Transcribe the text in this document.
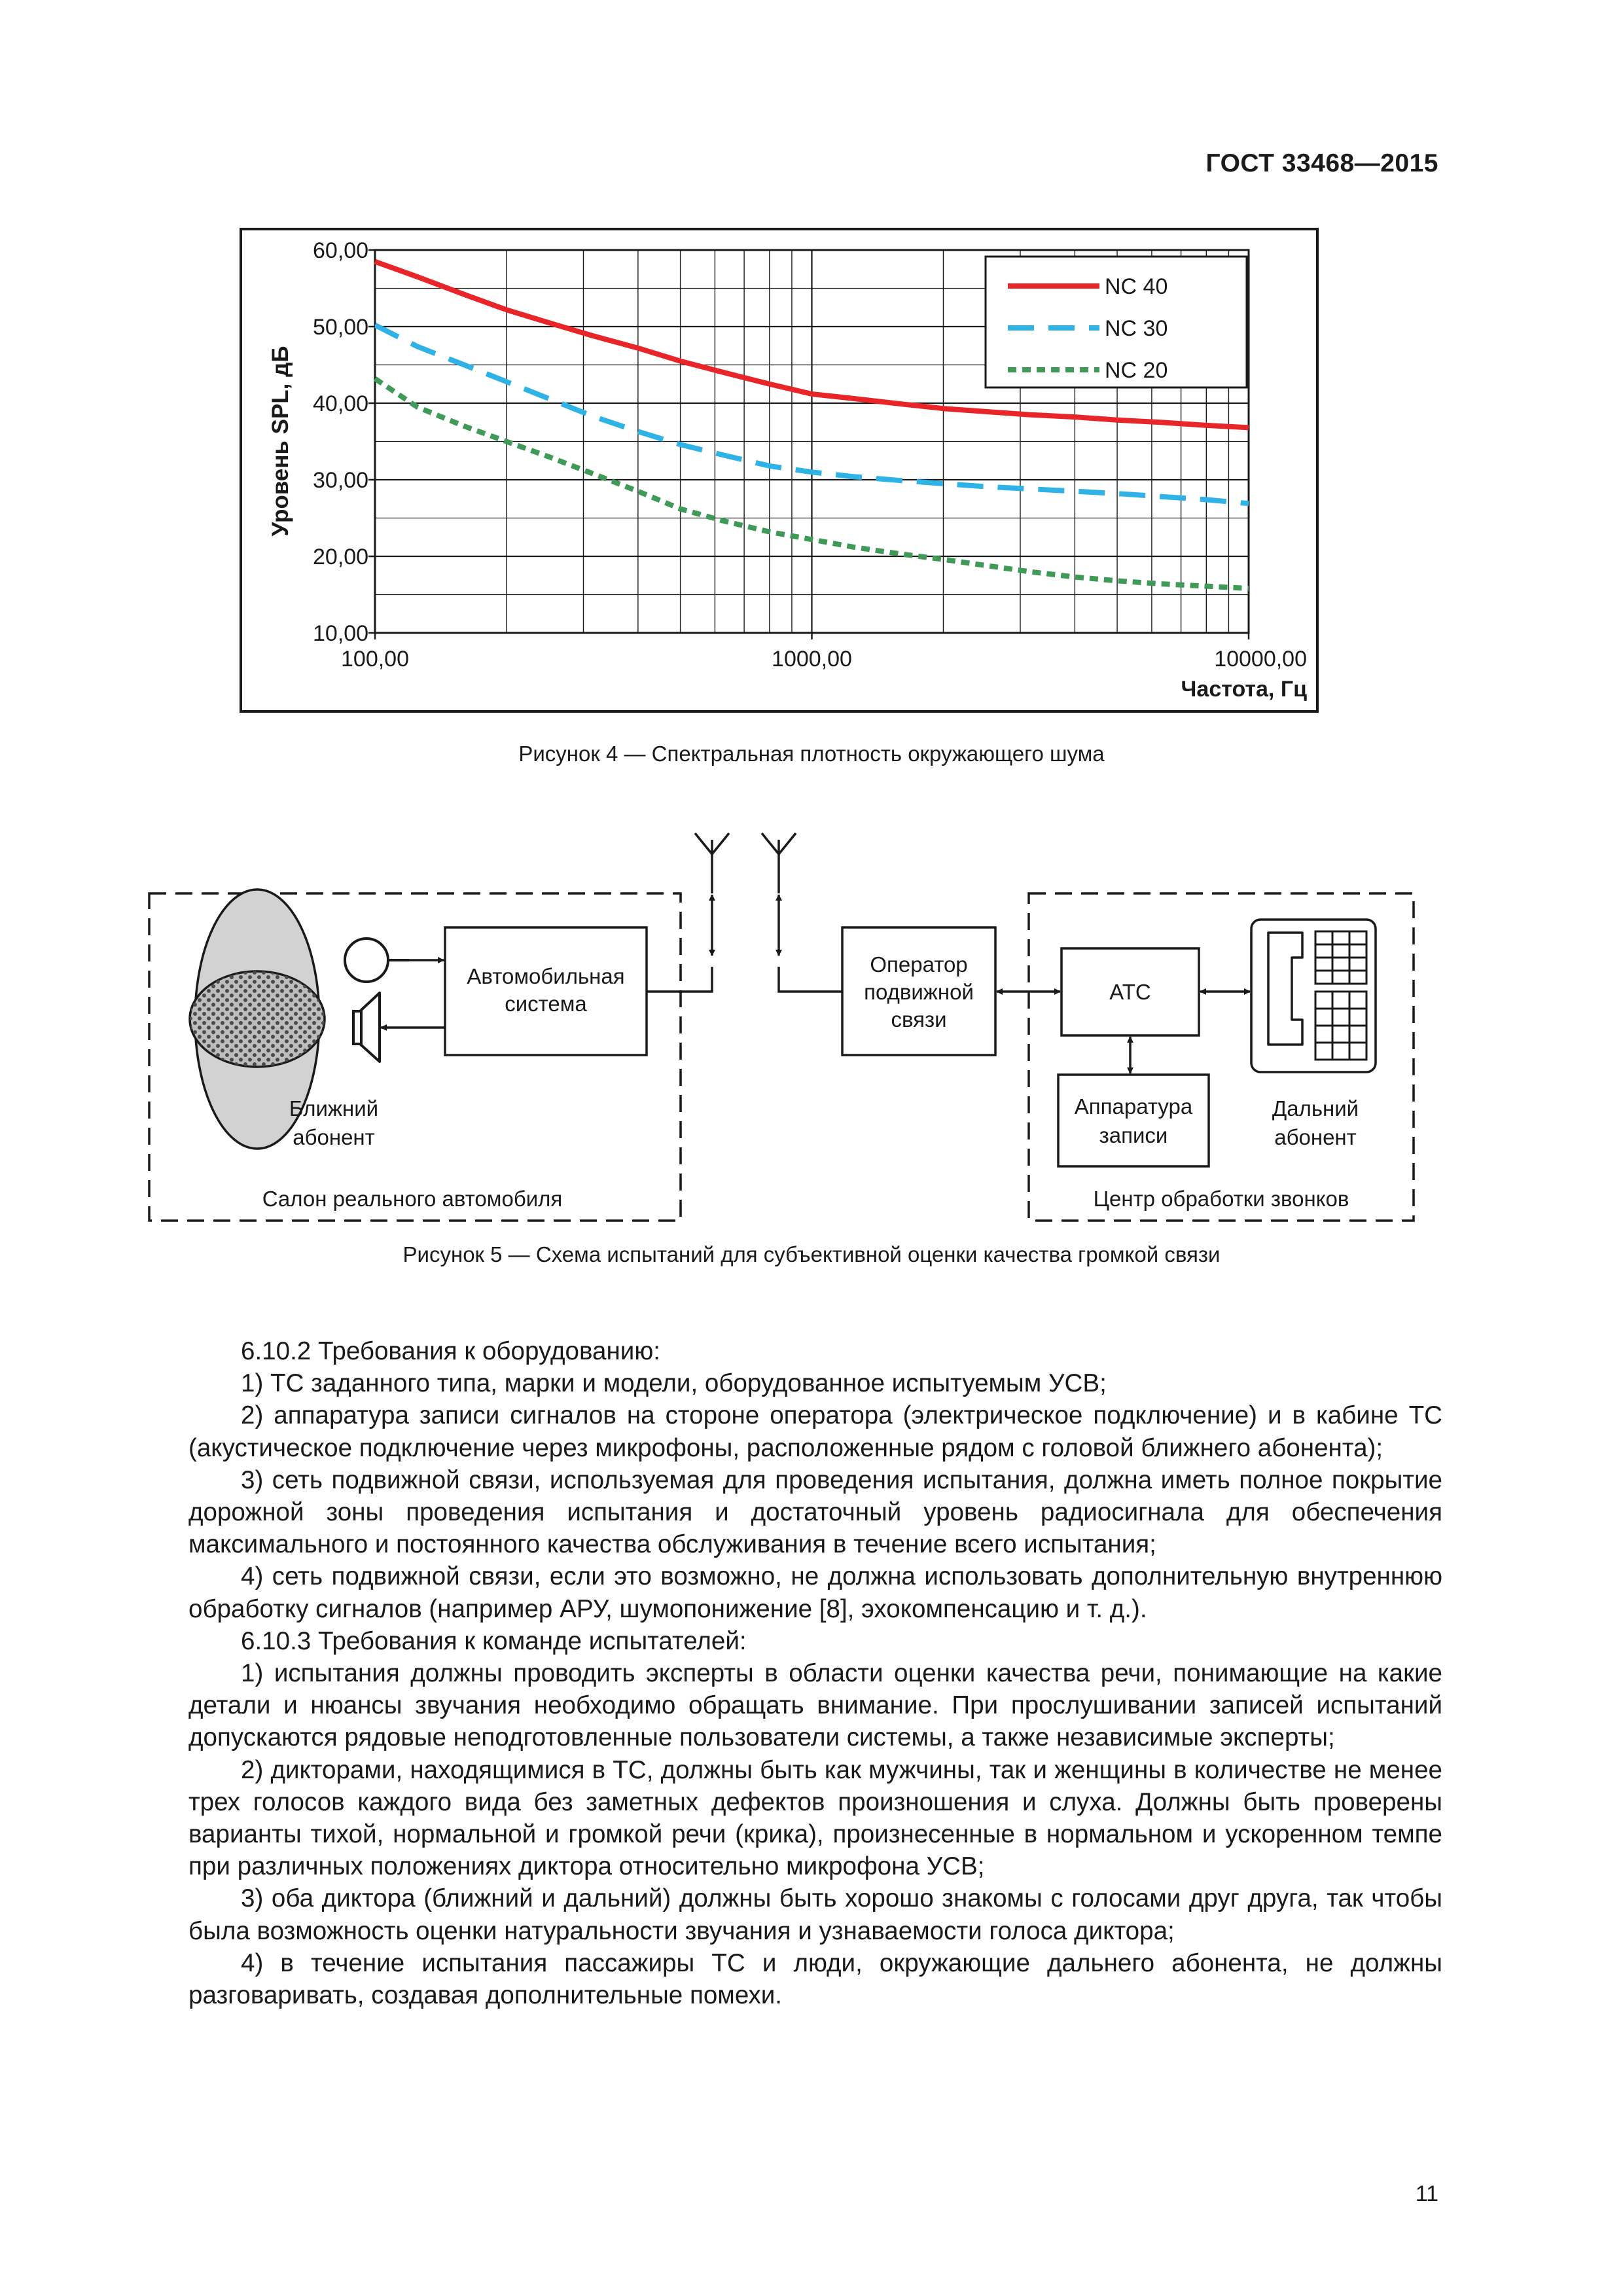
ГОСТ 33468—2015
10,00
20,00
30,00
40,00
50,00
60,00
100,00	1000,00	10000,00
Уровень SPL, дБ
Частота, Гц
NC 40
NC 30
NC 20
Рисунок 4 — Спектральная плотность окружающего шума
Автомобильная
система
Ближний
абонент
Салон реального автомобиля
Оператор
подвижной
связи
АТС
Аппаратура
записи
Дальний
абонент
Центр обработки звонков
Рисунок 5 — Схема испытаний для субъективной оценки качества громкой связи

6.10.2 Требования к оборудованию:

1) ТС заданного типа, марки и модели, оборудованное испытуемым УСВ;

2) аппаратура записи сигналов на стороне оператора (электрическое подключение) и в кабине ТС (акустическое подключение через микрофоны, расположенные рядом с головой ближнего абонента);

3) сеть подвижной связи, используемая для проведения испытания, должна иметь полное покрытие дорожной зоны проведения испытания и достаточный уровень радиосигнала для обеспечения максимального и постоянного качества обслуживания в течение всего испытания;

4) сеть подвижной связи, если это возможно, не должна использовать дополнительную внутреннюю обработку сигналов (например АРУ, шумопонижение [8], эхокомпенсацию и т. д.).

6.10.3 Требования к команде испытателей:

1) испытания должны проводить эксперты в области оценки качества речи, понимающие на какие детали и нюансы звучания необходимо обращать внимание. При прослушивании записей испытаний допускаются рядовые неподготовленные пользователи системы, а также независимые эксперты;

2) дикторами, находящимися в ТС, должны быть как мужчины, так и женщины в количестве не менее трех голосов каждого вида без заметных дефектов произношения и слуха. Должны быть проверены варианты тихой, нормальной и громкой речи (крика), произнесенные в нормальном и ускоренном темпе при различных положениях диктора относительно микрофона УСВ;

3) оба диктора (ближний и дальний) должны быть хорошо знакомы с голосами друг друга, так чтобы была возможность оценки натуральности звучания и узнаваемости голоса диктора;

4) в течение испытания пассажиры ТС и люди, окружающие дальнего абонента, не должны разговаривать, создавая дополнительные помехи.

11
